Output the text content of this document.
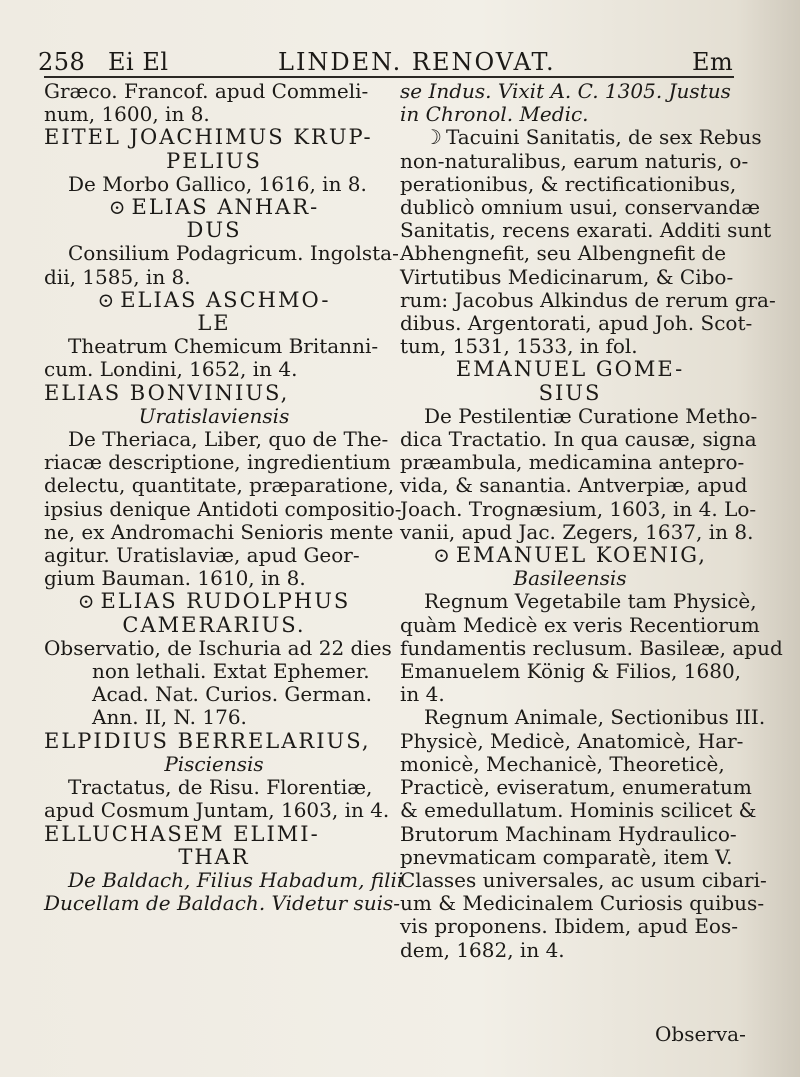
258 Ei El	LINDEN. RENOVAT.	Em
Græco. Francof. apud Commeli-
num, 1600, in 8.
EITEL JOACHIMUS KRUP-
PELIUS
De Morbo Gallico, 1616, in 8.
⊙ ELIAS ANHAR-
DUS
Consilium Podagricum. Ingolsta-
dii, 1585, in 8.
⊙ ELIAS ASCHMO-
LE
Theatrum Chemicum Britanni-
cum. Londini, 1652, in 4.
ELIAS BONVINIUS,
Uratislaviensis
De Theriaca, Liber, quo de The-
riacæ descriptione, ingredientium
delectu, quantitate, præparatione,
ipsius denique Antidoti compositio-
ne, ex Andromachi Senioris mente
agitur. Uratislaviæ, apud Geor-
gium Bauman. 1610, in 8.
⊙ ELIAS RUDOLPHUS
CAMERARIUS.
Observatio, de Ischuria ad 22 dies
non lethali. Extat Ephemer.
Acad. Nat. Curios. German.
Ann. II, N. 176.
ELPIDIUS BERRELARIUS,
Pisciensis
Tractatus, de Risu. Florentiæ,
apud Cosmum Juntam, 1603, in 4.
ELLUCHASEM ELIMI-
THAR
De Baldach, Filius Habadum, filii
Ducellam de Baldach. Videtur suis-
se Indus. Vixit A. C. 1305. Justus
in Chronol. Medic.
☽ Tacuini Sanitatis, de sex Rebus
non-naturalibus, earum naturis, o-
perationibus, & rectificationibus,
dublicò omnium usui, conservandæ
Sanitatis, recens exarati. Additi sunt
Abhengnefit, seu Albengnefit de
Virtutibus Medicinarum, & Cibo-
rum: Jacobus Alkindus de rerum gra-
dibus. Argentorati, apud Joh. Scot-
tum, 1531, 1533, in fol.
EMANUEL GOME-
SIUS
De Pestilentiæ Curatione Metho-
dica Tractatio. In qua causæ, signa
præambula, medicamina antepro-
vida, & sanantia. Antverpiæ, apud
Joach. Trognæsium, 1603, in 4. Lo-
vanii, apud Jac. Zegers, 1637, in 8.
⊙ EMANUEL KOENIG,
Basileensis
Regnum Vegetabile tam Physicè,
quàm Medicè ex veris Recentiorum
fundamentis reclusum. Basileæ, apud
Emanuelem König & Filios, 1680,
in 4.
Regnum Animale, Sectionibus III.
Physicè, Medicè, Anatomicè, Har-
monicè, Mechanicè, Theoreticè,
Practicè, eviseratum, enumeratum
& emedullatum. Hominis scilicet &
Brutorum Machinam Hydraulico-
pnevmaticam comparatè, item V.
Classes universales, ac usum cibari-
um & Medicinalem Curiosis quibus-
vis proponens. Ibidem, apud Eos-
dem, 1682, in 4.
Observa-
